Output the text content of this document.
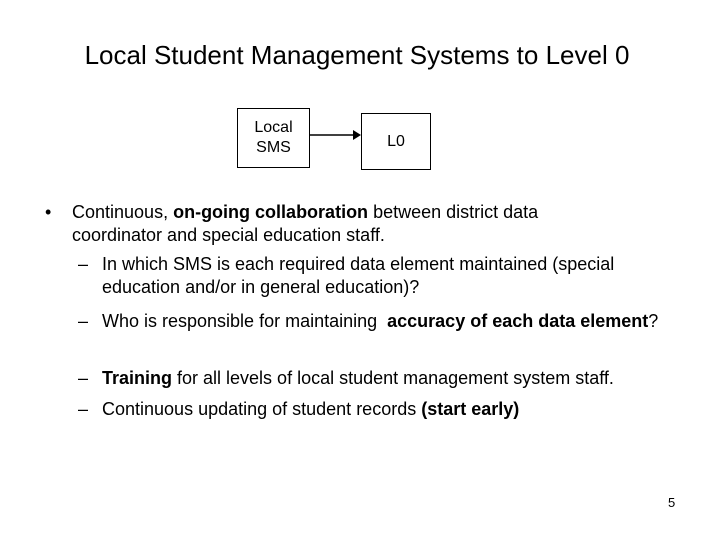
Local Student Management Systems to Level 0
Local
SMS	L0
• Continuous, on-going collaboration between district data coordinator and special education staff.
– In which SMS is each required data element maintained (special education and/or in general education)?
– Who is responsible for maintaining  accuracy of each data element?
– Training for all levels of local student management system staff.
– Continuous updating of student records (start early)
5
